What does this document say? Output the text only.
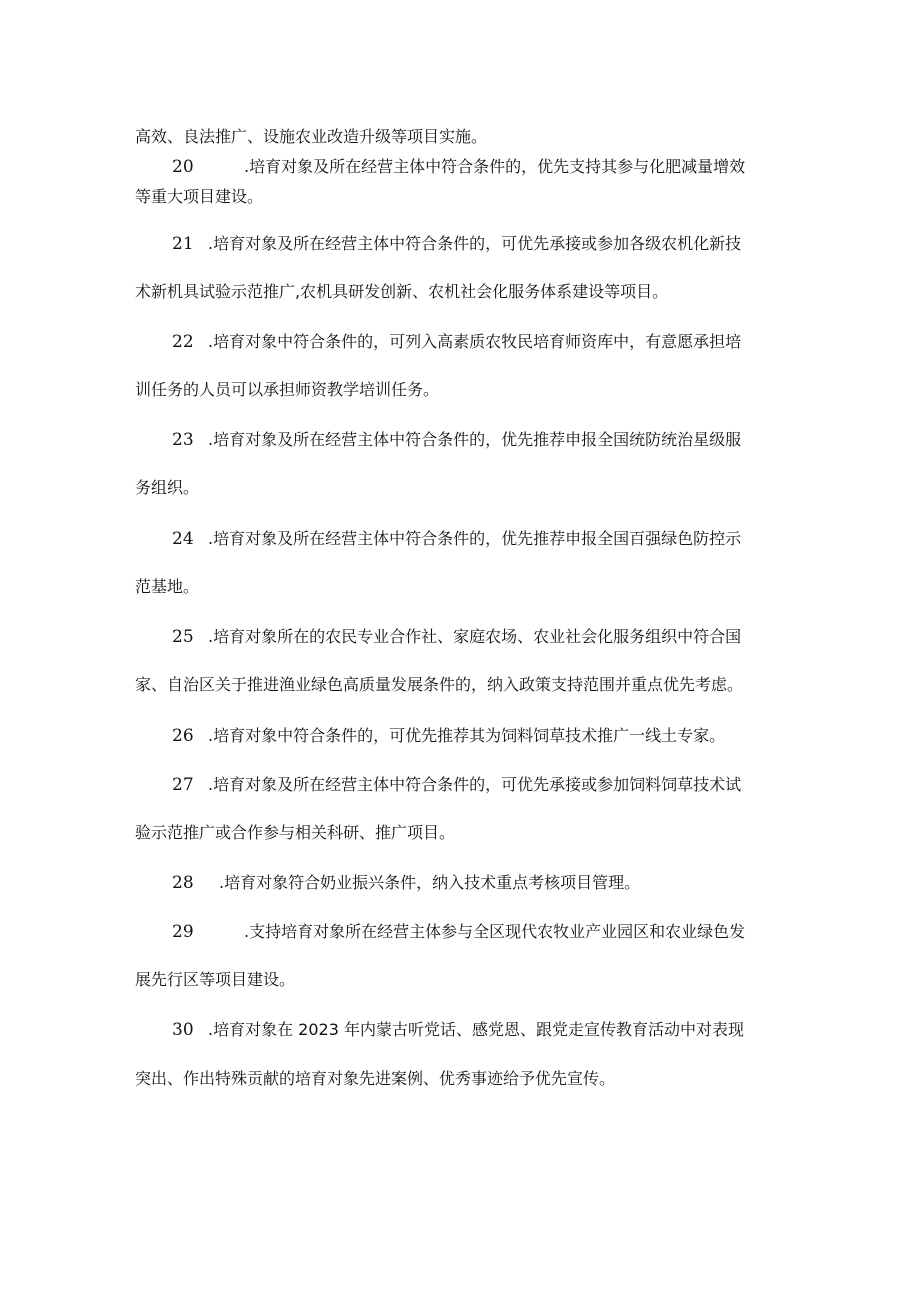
高效、良法推广、设施农业改造升级等项目实施。
20	.培育对象及所在经营主体中符合条件的，优先支持其参与化肥减量增效
等重大项目建设。
21 .培育对象及所在经营主体中符合条件的，可优先承接或参加各级农机化新技
术新机具试验示范推广,农机具研发创新、农机社会化服务体系建设等项目。
22 .培育对象中符合条件的，可列入高素质农牧民培育师资库中，有意愿承担培
训任务的人员可以承担师资教学培训任务。
23 .培育对象及所在经营主体中符合条件的，优先推荐申报全国统防统治星级服
务组织。
24 .培育对象及所在经营主体中符合条件的，优先推荐申报全国百强绿色防控示
范基地。
25 .培育对象所在的农民专业合作社、家庭农场、农业社会化服务组织中符合国
家、自治区关于推进渔业绿色高质量发展条件的，纳入政策支持范围并重点优先考虑。
26 .培育对象中符合条件的，可优先推荐其为饲料饲草技术推广一线土专家。
27 .培育对象及所在经营主体中符合条件的，可优先承接或参加饲料饲草技术试
验示范推广或合作参与相关科研、推广项目。
28 .培育对象符合奶业振兴条件，纳入技术重点考核项目管理。
29	.支持培育对象所在经营主体参与全区现代农牧业产业园区和农业绿色发
展先行区等项目建设。
30 .培育对象在 2023 年内蒙古听党话、感党恩、跟党走宣传教育活动中对表现
突出、作出特殊贡献的培育对象先进案例、优秀事迹给予优先宣传。
